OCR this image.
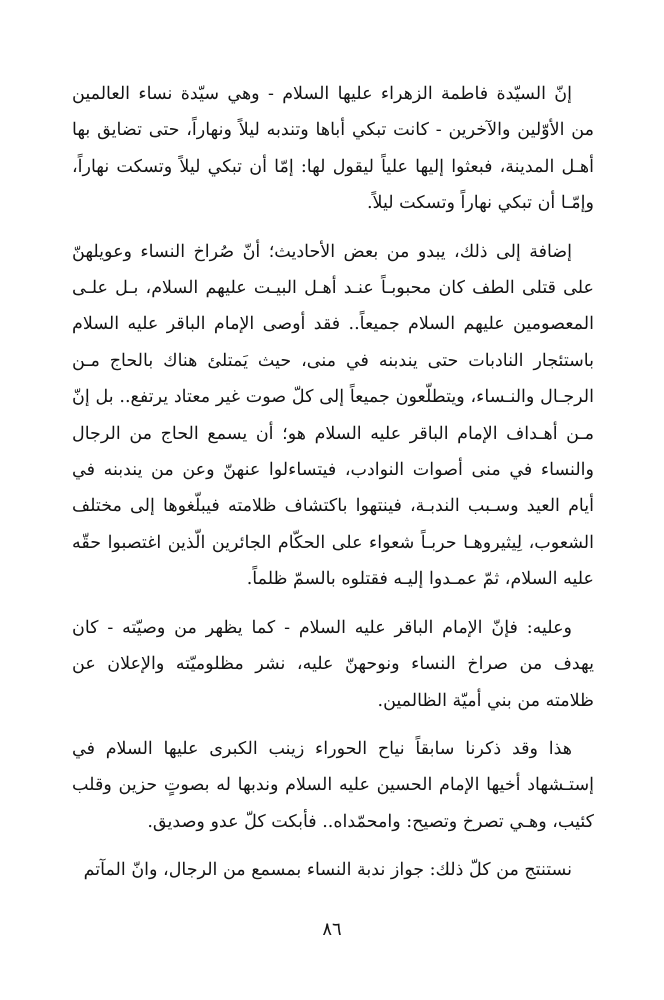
إنّ السيّدة فاطمة الزهراء عليها السلام - وهي سيّدة نساء العالمين من الأوّلين والآخرين - كانت تبكي أباها وتندبه ليلاً ونهاراً، حتى تضايق بها أهـل المدينة، فبعثوا إليها علياً ليقول لها: إمّا أن تبكي ليلاً وتسكت نهاراً، وإمّـا أن تبكي نهاراً وتسكت ليلاً.

إضافة إلى ذلك، يبدو من بعض الأحاديث؛ أنّ صُراخ النساء وعويلهنّ على قتلى الطف كان محبوبـاً عنـد أهـل البيـت عليهم السلام، بـل علـى المعصومين عليهم السلام جميعاً.. فقد أوصى الإمام الباقر عليه السلام باستئجار النادبات حتى يندبنه في منى، حيث يَمتلئ هناك بالحاج مـن الرجـال والنـساء، ويتطلّعون جميعاً إلى كلّ صوت غير معتاد يرتفع.. بل إنّ مـن أهـداف الإمام الباقر عليه السلام هو؛ أن يسمع الحاج من الرجال والنساء في منى أصوات النوادب، فيتساءلوا عنهنّ وعن من يندبنه في أيام العيد وسـبب الندبـة، فينتهوا باكتشاف ظلامته فيبلّغوها إلى مختلف الشعوب، لِيثيروهـا حربـاً شعواء على الحكّام الجائرين الّذين اغتصبوا حقّه عليه السلام، ثمّ عمـدوا إليـه فقتلوه بالسمّ ظلماً.

وعليه: فإنّ الإمام الباقر عليه السلام - كما يظهر من وصيّته - كان يهدف من صراخ النساء ونوحهنّ عليه، نشر مظلوميّته والإعلان عن ظلامته من بني أميّة الظالمين.

هذا وقد ذكرنا سابقاً نياح الحوراء زينب الكبرى عليها السلام في إستـشهاد أخيها الإمام الحسين عليه السلام وندبها له بصوتٍ حزين وقلب كئيب، وهـي تصرخ وتصيح: وامحمّداه.. فأبكت كلّ عدو وصديق.

نستنتج من كلّ ذلك: جواز ندبة النساء بمسمع من الرجال، وانّ المآتم

٨٦
